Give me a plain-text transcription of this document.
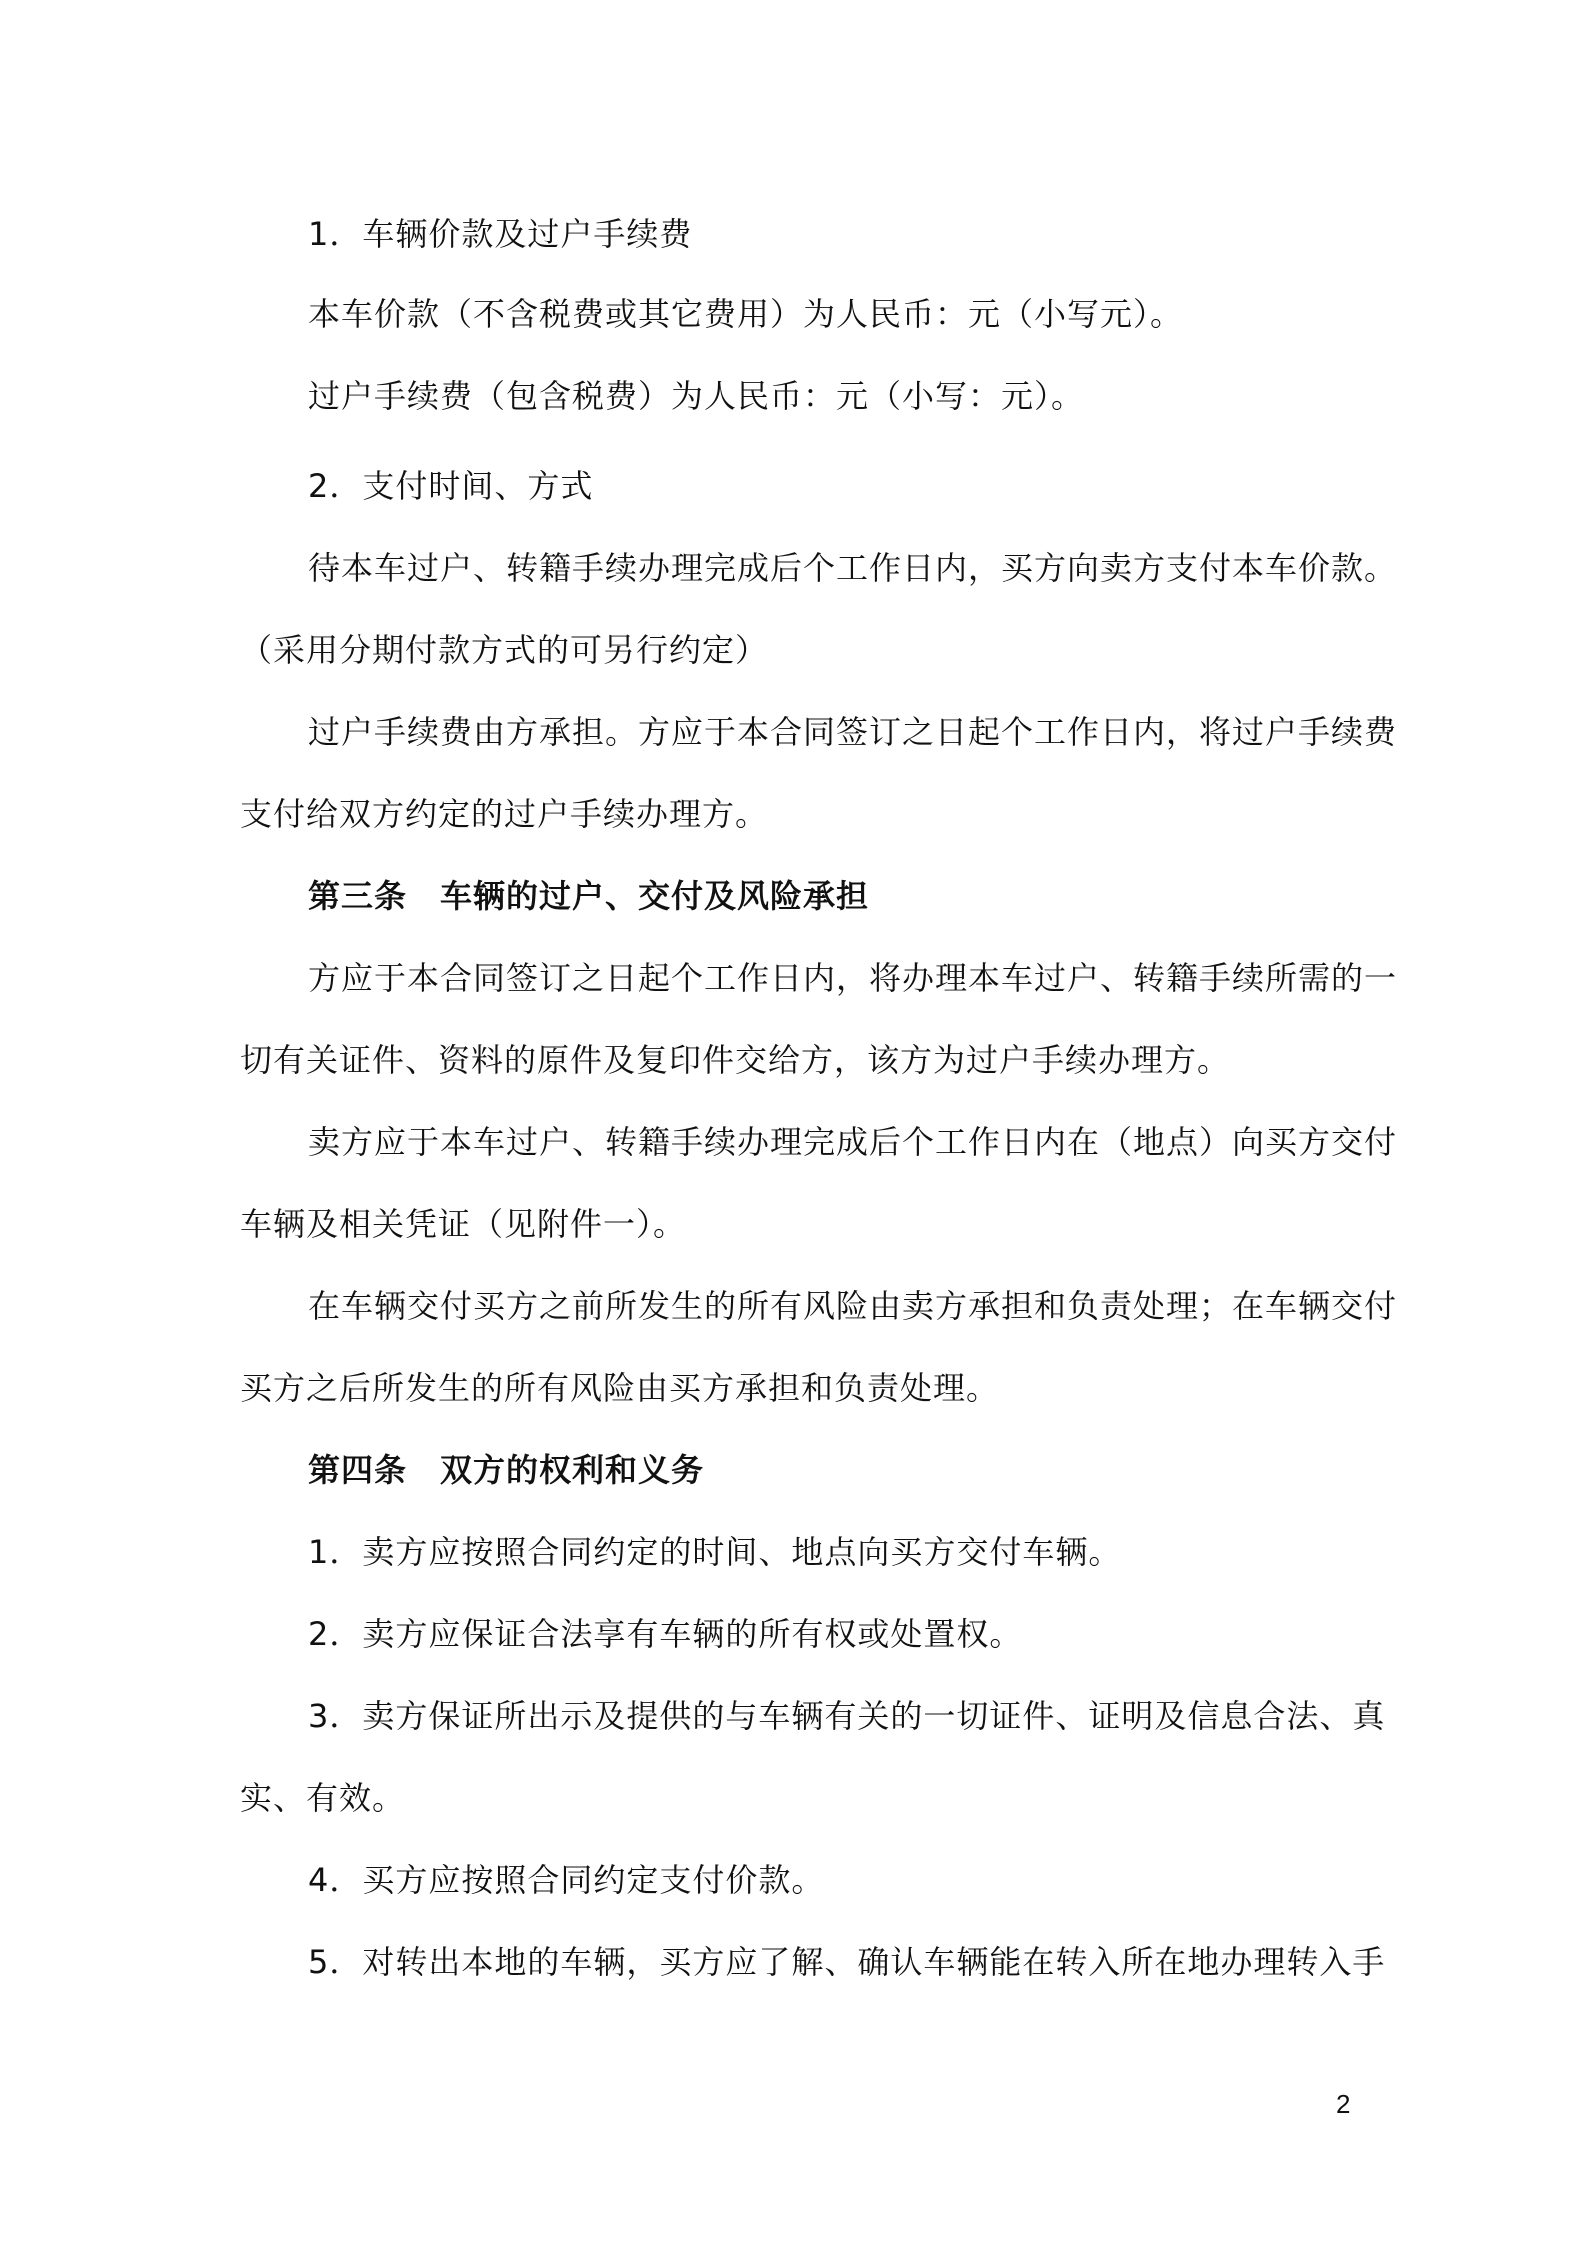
1．车辆价款及过户手续费
本车价款（不含税费或其它费用）为人民币：元（小写元）。
过户手续费（包含税费）为人民币：元（小写：元）。
2．支付时间、方式
待本车过户、转籍手续办理完成后个工作日内，买方向卖方支付本车价款。
（采用分期付款方式的可另行约定）
过户手续费由方承担。方应于本合同签订之日起个工作日内，将过户手续费
支付给双方约定的过户手续办理方。
第三条　车辆的过户、交付及风险承担
方应于本合同签订之日起个工作日内，将办理本车过户、转籍手续所需的一
切有关证件、资料的原件及复印件交给方，该方为过户手续办理方。
卖方应于本车过户、转籍手续办理完成后个工作日内在（地点）向买方交付
车辆及相关凭证（见附件一）。
在车辆交付买方之前所发生的所有风险由卖方承担和负责处理；在车辆交付
买方之后所发生的所有风险由买方承担和负责处理。
第四条　双方的权利和义务
1．卖方应按照合同约定的时间、地点向买方交付车辆。
2．卖方应保证合法享有车辆的所有权或处置权。
3．卖方保证所出示及提供的与车辆有关的一切证件、证明及信息合法、真
实、有效。
4．买方应按照合同约定支付价款。
5．对转出本地的车辆，买方应了解、确认车辆能在转入所在地办理转入手
2
